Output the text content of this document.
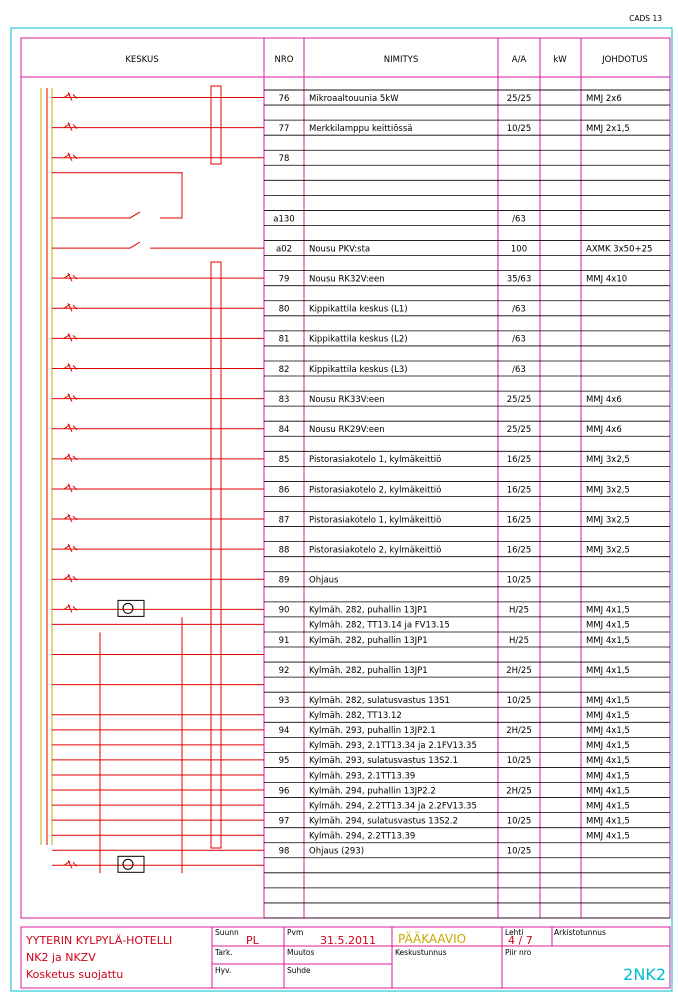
CADS 13
KESKUS	NRO	NIMITYS	A/A	kW	JOHDOTUS
76 Mikroaaltouunia 5kW	25/25	MMJ 2x6
77 Merkkilamppu keittiössä	10/25	MMJ 2x1,5
78
a130	/63
a02 Nousu PKV:sta	100	AXMK 3x50+25
79 Nousu RK32V:een	35/63	MMJ 4x10
80 Kippikattila keskus (L1)	/63
81 Kippikattila keskus (L2)	/63
82 Kippikattila keskus (L3)	/63
83 Nousu RK33V:een	25/25	MMJ 4x6
84 Nousu RK29V:een	25/25	MMJ 4x6
85 Pistorasiakotelo 1, kylmäkeittiö	16/25	MMJ 3x2,5
86 Pistorasiakotelo 2, kylmäkeittiö	16/25	MMJ 3x2,5
87 Pistorasiakotelo 1, kylmäkeittiö	16/25	MMJ 3x2,5
88 Pistorasiakotelo 2, kylmäkeittiö	16/25	MMJ 3x2,5
89 Ohjaus	10/25
90 Kylmäh. 282, puhallin 13JP1	H/25	MMJ 4x1,5
Kylmäh. 282, TT13.14 ja FV13.15	MMJ 4x1,5
91 Kylmäh. 282, puhallin 13JP1	H/25	MMJ 4x1,5
92 Kylmäh. 282, puhallin 13JP1	2H/25	MMJ 4x1,5
93 Kylmäh. 282, sulatusvastus 13S1	10/25	MMJ 4x1,5
Kylmäh. 282, TT13.12	MMJ 4x1,5
94 Kylmäh. 293, puhallin 13JP2.1	2H/25	MMJ 4x1,5
Kylmäh. 293, 2.1TT13.34 ja 2.1FV13.35	MMJ 4x1,5
95 Kylmäh. 293, sulatusvastus 13S2.1	10/25	MMJ 4x1,5
Kylmäh. 293, 2.1TT13.39	MMJ 4x1,5
96 Kylmäh. 294, puhallin 13JP2.2	2H/25	MMJ 4x1,5
Kylmäh. 294, 2.2TT13.34 ja 2.2FV13.35	MMJ 4x1,5
97 Kylmäh. 294, sulatusvastus 13S2.2	10/25	MMJ 4x1,5
Kylmäh. 294, 2.2TT13.39	MMJ 4x1,5
98 Ohjaus (293)	10/25
YYTERIN KYLPYLÄ-HOTELLI
NK2 ja NKZV
Kosketus suojattu
Suunn
PL
Pvm
31.5.2011 PÄÄKAAVIO	Lehti
4 / 7
Arkistotunnus
Tark.	Muutos	Keskustunnus	Piir nro
Hyv.	Suhde	2NK2
